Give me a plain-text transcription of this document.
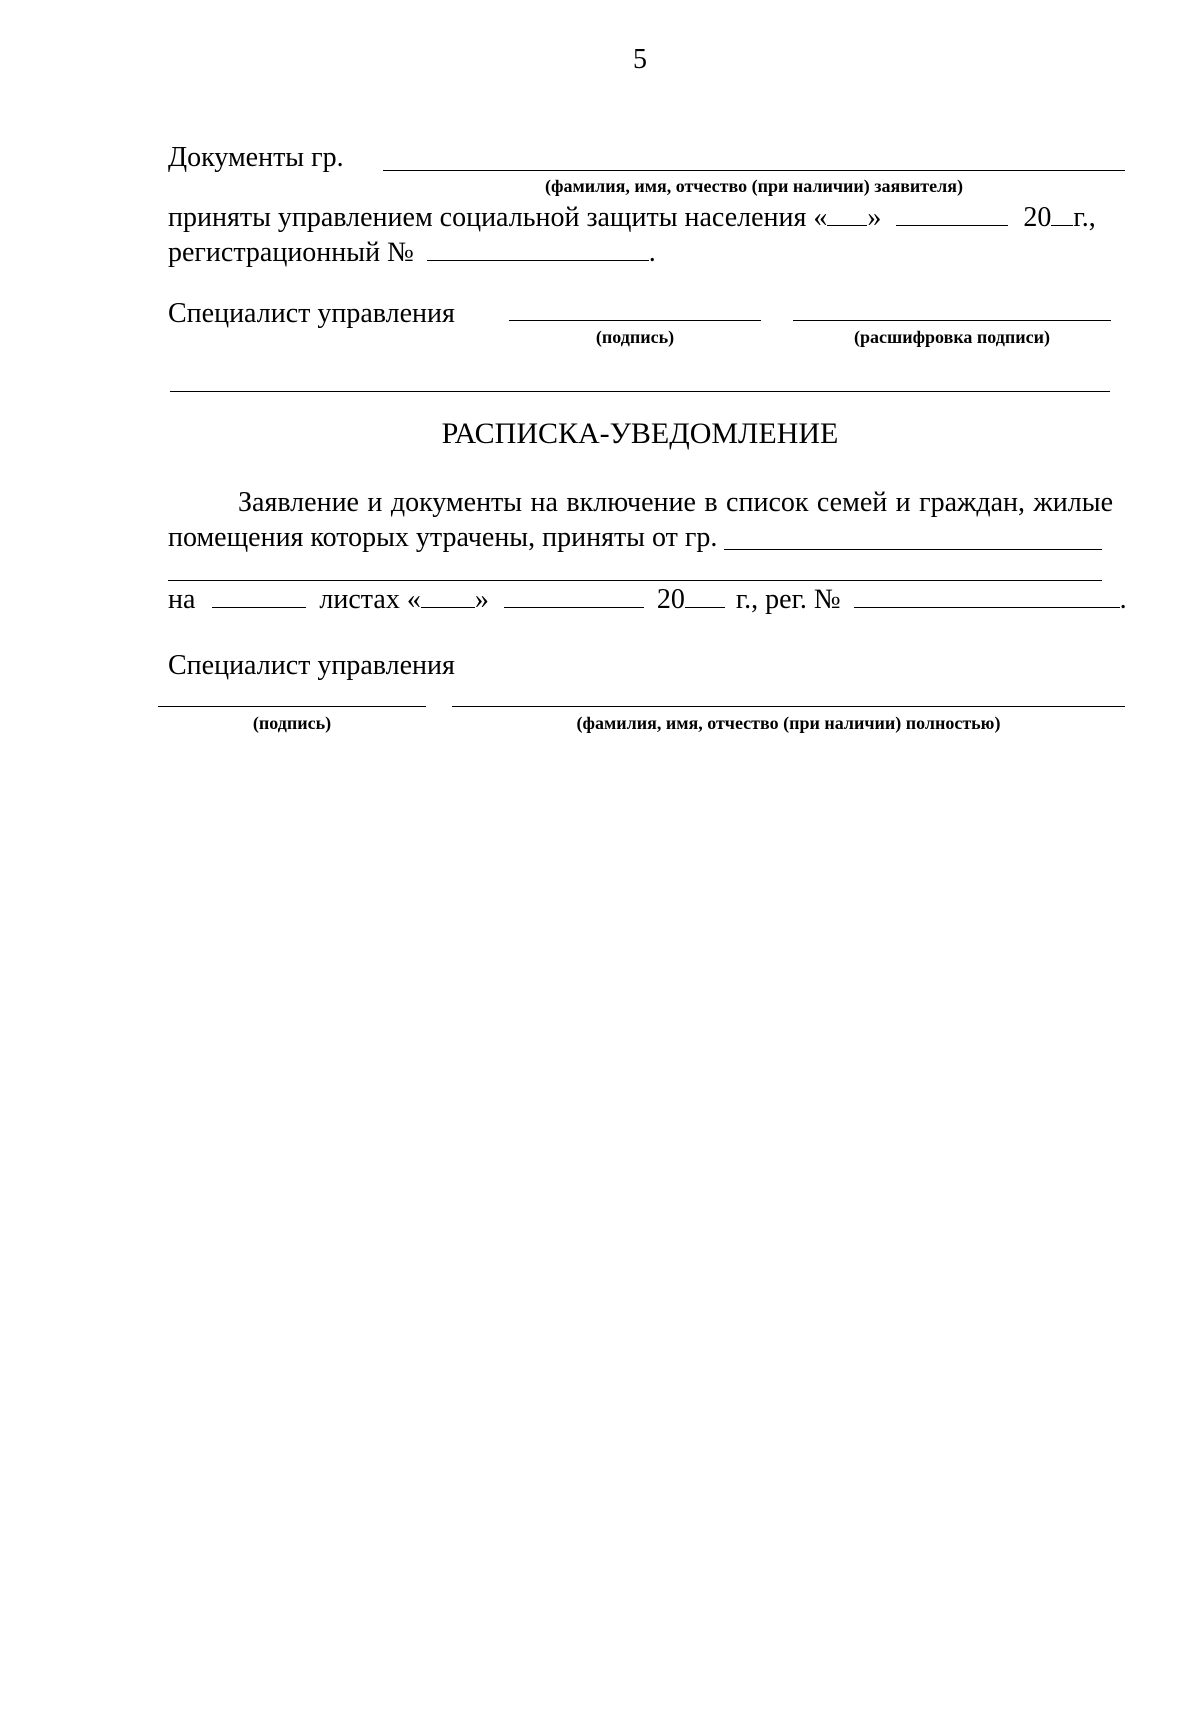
5
Документы гр.
(фамилия, имя, отчество (при наличии) заявителя)
приняты управлением социальной защиты населения « »	20 г.,
регистрационный №	.
Специалист управления
(подпись)	(расшифровка подписи)
РАСПИСКА-УВЕДОМЛЕНИЕ
Заявление и документы на включение в список семей и граждан, жилые
помещения которых утрачены, приняты от гр.
на	листах « »	20 г., рег. №	.
Специалист управления
(подпись)	(фамилия, имя, отчество (при наличии) полностью)
